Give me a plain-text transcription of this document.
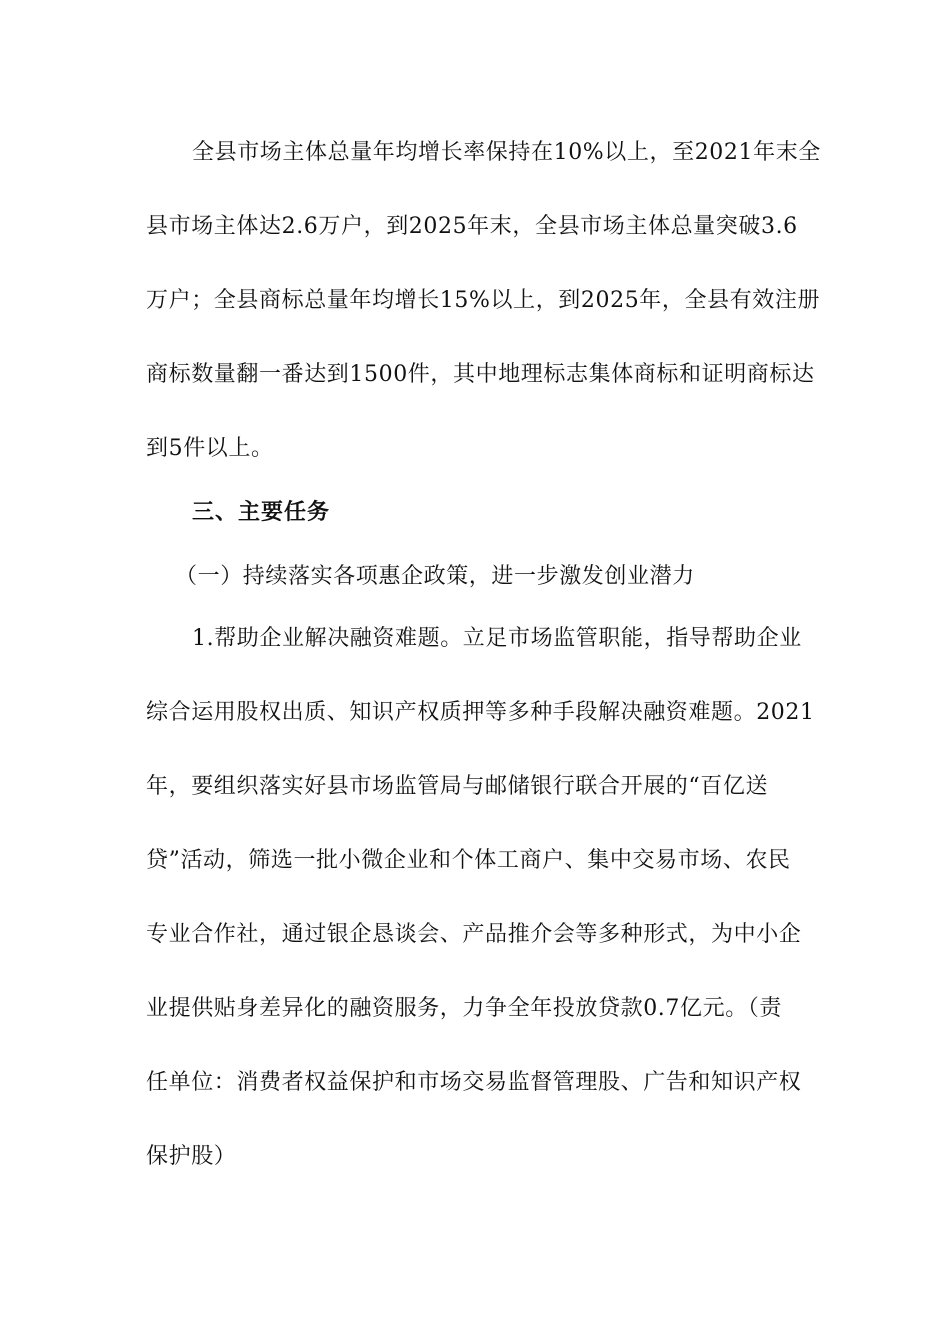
全县市场主体总量年均增长率保持在10%以上，至2021年末全
县市场主体达2.6万户，到2025年末，全县市场主体总量突破3.6
万户；全县商标总量年均增长15%以上，到2025年，全县有效注册
商标数量翻一番达到1500件，其中地理标志集体商标和证明商标达
到5件以上。
三、主要任务
（一）持续落实各项惠企政策，进一步激发创业潜力
1.帮助企业解决融资难题。立足市场监管职能，指导帮助企业
综合运用股权出质、知识产权质押等多种手段解决融资难题。2021
年，要组织落实好县市场监管局与邮储银行联合开展的“百亿送
贷”活动，筛选一批小微企业和个体工商户、集中交易市场、农民
专业合作社，通过银企恳谈会、产品推介会等多种形式，为中小企
业提供贴身差异化的融资服务，力争全年投放贷款0.7亿元。（责
任单位：消费者权益保护和市场交易监督管理股、广告和知识产权
保护股）
